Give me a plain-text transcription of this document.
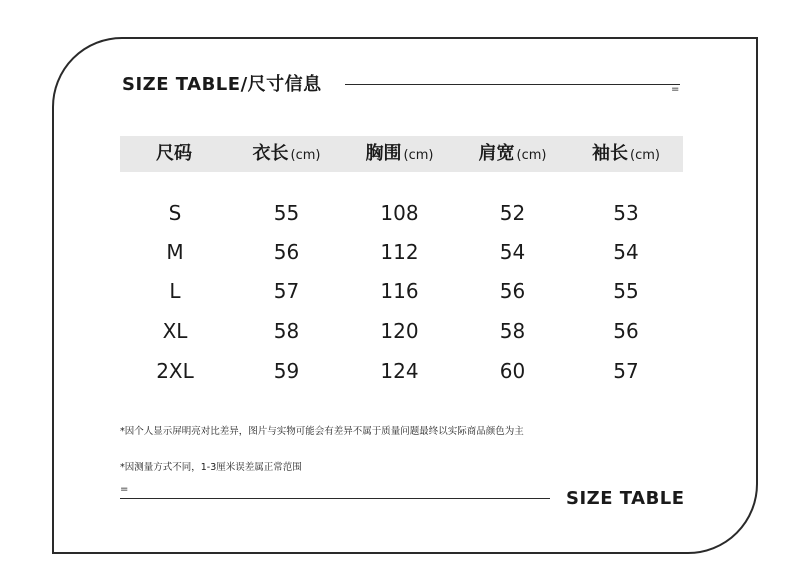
SIZE TABLE/尺寸信息	=
尺码	衣长 (cm)	胸围 (cm)	肩宽 (cm)	袖长 (cm)
S	55	108	52	53
M	56	112	54	54
L	57	116	56	55
XL	58	120	58	56
2XL	59	124	60	57
*因个人显示屏明亮对比差异，图片与实物可能会有差异不属于质量问题最终以实际商品颜色为主
*因测量方式不同，1-3厘米误差属正常范围
=	SIZE TABLE
